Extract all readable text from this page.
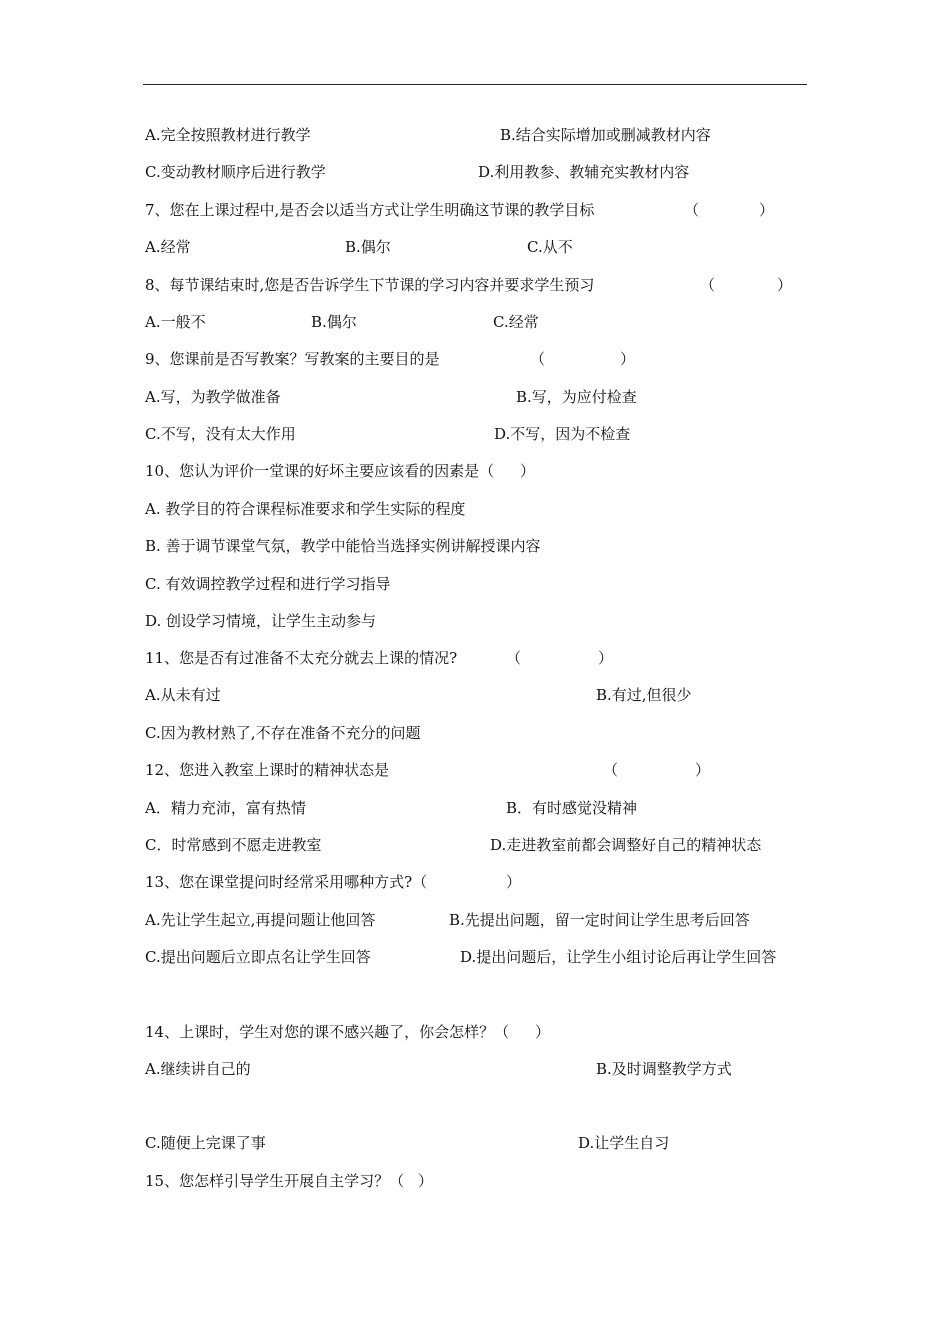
A.完全按照教材进行教学	B.结合实际增加或删减教材内容
C.变动教材顺序后进行教学	D.利用教参、教辅充实教材内容
7、您在上课过程中,是否会以适当方式让学生明确这节课的教学目标	（	）
A.经常	B.偶尔	C.从不
8、每节课结束时,您是否告诉学生下节课的学习内容并要求学生预习	（	）
A.一般不	B.偶尔	C.经常
9、您课前是否写教案？写教案的主要目的是	（	）
A.写，为教学做准备	B.写，为应付检查
C.不写，没有太大作用	D.不写，因为不检查
10、您认为评价一堂课的好坏主要应该看的因素是（ ）
A. 教学目的符合课程标准要求和学生实际的程度
B. 善于调节课堂气氛，教学中能恰当选择实例讲解授课内容
C. 有效调控教学过程和进行学习指导
D. 创设学习情境，让学生主动参与
11、您是否有过准备不太充分就去上课的情况?	（	）
A.从未有过	B.有过,但很少
C.因为教材熟了,不存在准备不充分的问题
12、您进入教室上课时的精神状态是	（	）
A．精力充沛，富有热情	B．有时感觉没精神
C．时常感到不愿走进教室	D.走进教室前都会调整好自己的精神状态
13、您在课堂提问时经常采用哪种方式?（	）
A.先让学生起立,再提问题让他回答	B.先提出问题，留一定时间让学生思考后回答
C.提出问题后立即点名让学生回答	D.提出问题后，让学生小组讨论后再让学生回答
14、上课时，学生对您的课不感兴趣了，你会怎样？（ ）
A.继续讲自己的	B.及时调整教学方式
C.随便上完课了事	D.让学生自习
15、您怎样引导学生开展自主学习？（ ）
